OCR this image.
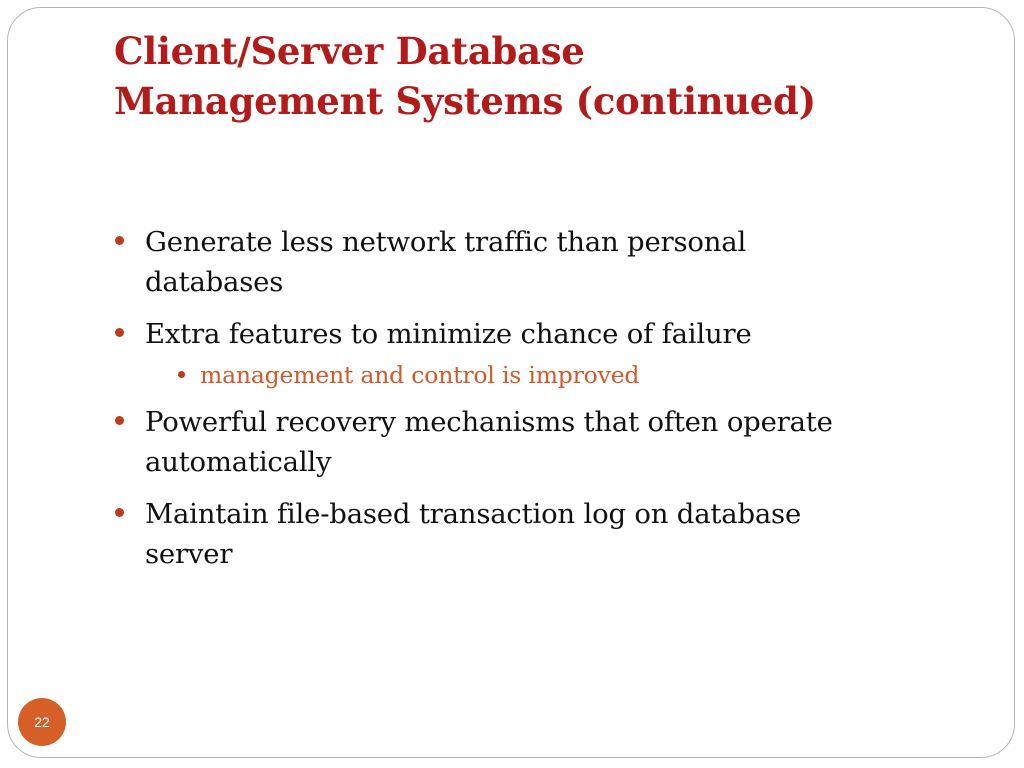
Client/Server Database
Management Systems (continued)
Generate less network traffic than personal
databases
Extra features to minimize chance of failure
management and control is improved
Powerful recovery mechanisms that often operate
automatically
Maintain file-based transaction log on database
server
22
